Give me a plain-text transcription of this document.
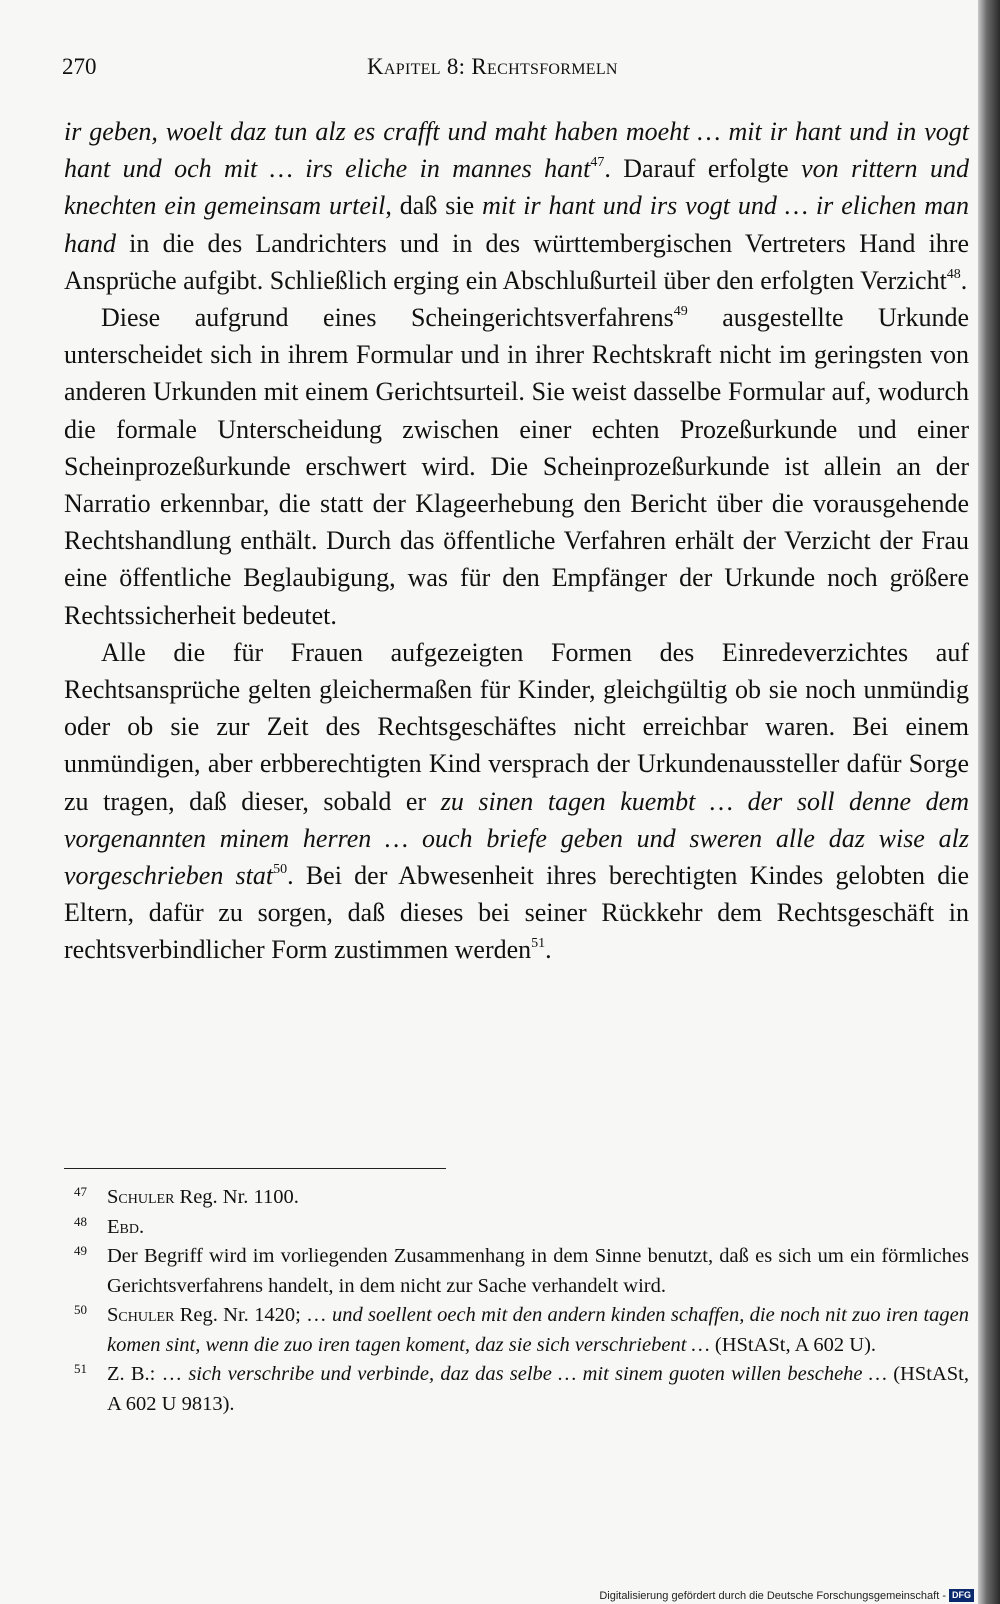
270	Kapitel 8: Rechtsformeln

ir geben, woelt daz tun alz es crafft und maht haben moeht … mit ir hant und in vogt hant und och mit … irs eliche in mannes hant$^{47}$. Darauf erfolgte von rittern und knechten ein gemeinsam urteil, daß sie mit ir hant und irs vogt und … ir elichen man hand in die des Landrichters und in des württembergischen Vertreters Hand ihre Ansprüche aufgibt. Schließlich erging ein Abschlußurteil über den erfolgten Verzicht$^{48}$.

Diese aufgrund eines Scheingerichtsverfahrens$^{49}$ ausgestellte Urkunde unterscheidet sich in ihrem Formular und in ihrer Rechtskraft nicht im geringsten von anderen Urkunden mit einem Gerichtsurteil. Sie weist dasselbe Formular auf, wodurch die formale Unterscheidung zwischen einer echten Prozeßurkunde und einer Scheinprozeßurkunde erschwert wird. Die Scheinprozeßurkunde ist allein an der Narratio erkennbar, die statt der Klageerhebung den Bericht über die vorausgehende Rechtshandlung enthält. Durch das öffentliche Verfahren erhält der Verzicht der Frau eine öffentliche Beglaubigung, was für den Empfänger der Urkunde noch größere Rechtssicherheit bedeutet.

Alle die für Frauen aufgezeigten Formen des Einredeverzichtes auf Rechtsansprüche gelten gleichermaßen für Kinder, gleichgültig ob sie noch unmündig oder ob sie zur Zeit des Rechtsgeschäftes nicht erreichbar waren. Bei einem unmündigen, aber erbberechtigten Kind versprach der Urkundenaussteller dafür Sorge zu tragen, daß dieser, sobald er zu sinen tagen kuembt … der soll denne dem vorgenannten minem herren … ouch briefe geben und sweren alle daz wise alz vorgeschrieben stat$^{50}$. Bei der Abwesenheit ihres berechtigten Kindes gelobten die Eltern, dafür zu sorgen, daß dieses bei seiner Rückkehr dem Rechtsgeschäft in rechtsverbindlicher Form zustimmen werden$^{51}$.

47 Schuler Reg. Nr. 1100.
48 Ebd.
49 Der Begriff wird im vorliegenden Zusammenhang in dem Sinne benutzt, daß es sich um ein förmliches Gerichtsverfahrens handelt, in dem nicht zur Sache verhandelt wird.
50 Schuler Reg. Nr. 1420; … und soellent oech mit den andern kinden schaffen, die noch nit zuo iren tagen komen sint, wenn die zuo iren tagen koment, daz sie sich verschriebent … (HStASt, A 602 U).
51 Z. B.: … sich verschribe und verbinde, daz das selbe … mit sinem guoten willen beschehe … (HStASt, A 602 U 9813).
Digitalisierung gefördert durch die Deutsche Forschungsgemeinschaft - DFG
